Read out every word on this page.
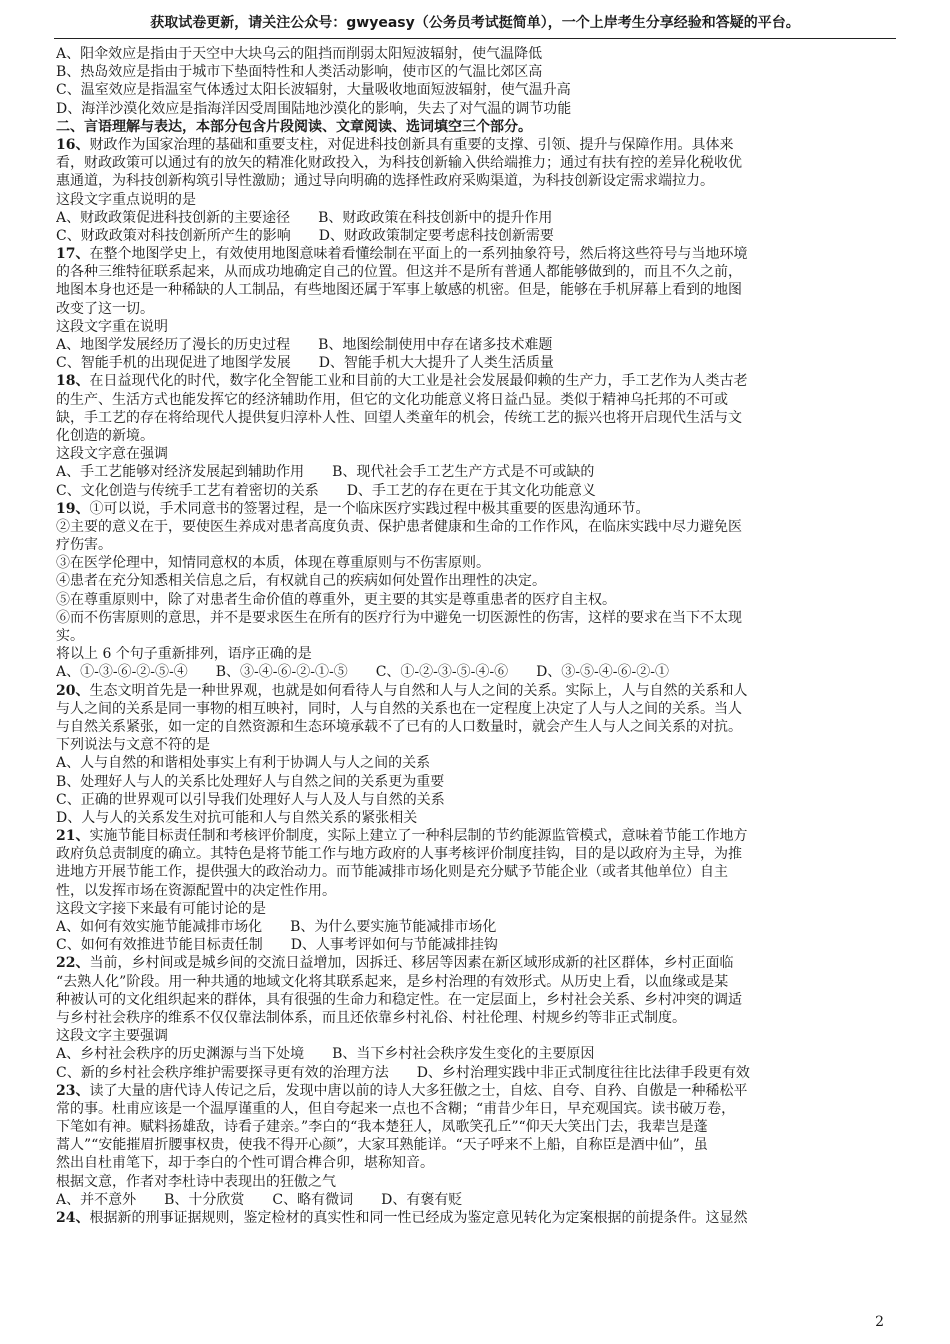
获取试卷更新，请关注公众号：gwyeasy（公务员考试挺简单），一个上岸考生分享经验和答疑的平台。
A、阳伞效应是指由于天空中大块乌云的阻挡而削弱太阳短波辐射，使气温降低
B、热岛效应是指由于城市下垫面特性和人类活动影响，使市区的气温比郊区高
C、温室效应是指温室气体透过太阳长波辐射，大量吸收地面短波辐射，使气温升高
D、海洋沙漠化效应是指海洋因受周围陆地沙漠化的影响，失去了对气温的调节功能
二、言语理解与表达，本部分包含片段阅读、文章阅读、选词填空三个部分。
16、财政作为国家治理的基础和重要支柱，对促进科技创新具有重要的支撑、引领、提升与保障作用。具体来
看，财政政策可以通过有的放矢的精准化财政投入，为科技创新输入供给端推力；通过有扶有控的差异化税收优
惠通道，为科技创新构筑引导性激励；通过导向明确的选择性政府采购渠道，为科技创新设定需求端拉力。
这段文字重点说明的是
A、财政政策促进科技创新的主要途径　　B、财政政策在科技创新中的提升作用
C、财政政策对科技创新所产生的影响　　D、财政政策制定要考虑科技创新需要
17、在整个地图学史上，有效使用地图意味着看懂绘制在平面上的一系列抽象符号，然后将这些符号与当地环境
的各种三维特征联系起来，从而成功地确定自己的位置。但这并不是所有普通人都能够做到的，而且不久之前，
地图本身也还是一种稀缺的人工制品，有些地图还属于军事上敏感的机密。但是，能够在手机屏幕上看到的地图
改变了这一切。
这段文字重在说明
A、地图学发展经历了漫长的历史过程　　B、地图绘制使用中存在诸多技术难题
C、智能手机的出现促进了地图学发展　　D、智能手机大大提升了人类生活质量
18、在日益现代化的时代，数字化全智能工业和目前的大工业是社会发展最仰赖的生产力，手工艺作为人类古老
的生产、生活方式也能发挥它的经济辅助作用，但它的文化功能意义将日益凸显。类似于精神乌托邦的不可或
缺，手工艺的存在将给现代人提供复归淳朴人性、回望人类童年的机会，传统工艺的振兴也将开启现代生活与文
化创造的新境。
这段文字意在强调
A、手工艺能够对经济发展起到辅助作用　　B、现代社会手工艺生产方式是不可或缺的
C、文化创造与传统手工艺有着密切的关系　　D、手工艺的存在更在于其文化功能意义
19、①可以说，手术同意书的签署过程，是一个临床医疗实践过程中极其重要的医患沟通环节。
②主要的意义在于，要使医生养成对患者高度负责、保护患者健康和生命的工作作风，在临床实践中尽力避免医
疗伤害。
③在医学伦理中，知情同意权的本质，体现在尊重原则与不伤害原则。
④患者在充分知悉相关信息之后，有权就自己的疾病如何处置作出理性的决定。
⑤在尊重原则中，除了对患者生命价值的尊重外，更主要的其实是尊重患者的医疗自主权。
⑥而不伤害原则的意思，并不是要求医生在所有的医疗行为中避免一切医源性的伤害，这样的要求在当下不太现
实。
将以上 6 个句子重新排列，语序正确的是
A、①-③-⑥-②-⑤-④　　B、③-④-⑥-②-①-⑤　　C、①-②-③-⑤-④-⑥　　D、③-⑤-④-⑥-②-①
20、生态文明首先是一种世界观，也就是如何看待人与自然和人与人之间的关系。实际上，人与自然的关系和人
与人之间的关系是同一事物的相互映衬，同时，人与自然的关系也在一定程度上决定了人与人之间的关系。当人
与自然关系紧张，如一定的自然资源和生态环境承载不了已有的人口数量时，就会产生人与人之间关系的对抗。
下列说法与文意不符的是
A、人与自然的和谐相处事实上有利于协调人与人之间的关系
B、处理好人与人的关系比处理好人与自然之间的关系更为重要
C、正确的世界观可以引导我们处理好人与人及人与自然的关系
D、人与人的关系发生对抗可能和人与自然关系的紧张相关
21、实施节能目标责任制和考核评价制度，实际上建立了一种科层制的节约能源监管模式，意味着节能工作地方
政府负总责制度的确立。其特色是将节能工作与地方政府的人事考核评价制度挂钩，目的是以政府为主导，为推
进地方开展节能工作，提供强大的政治动力。而节能减排市场化则是充分赋予节能企业（或者其他单位）自主
性，以发挥市场在资源配置中的决定性作用。
这段文字接下来最有可能讨论的是
A、如何有效实施节能减排市场化　　B、为什么要实施节能减排市场化
C、如何有效推进节能目标责任制　　D、人事考评如何与节能减排挂钩
22、当前，乡村间或是城乡间的交流日益增加，因拆迁、移居等因素在新区域形成新的社区群体，乡村正面临
“去熟人化”阶段。用一种共通的地域文化将其联系起来，是乡村治理的有效形式。从历史上看，以血缘或是某
种被认可的文化组织起来的群体，具有很强的生命力和稳定性。在一定层面上，乡村社会关系、乡村冲突的调适
与乡村社会秩序的维系不仅仅靠法制体系，而且还依靠乡村礼俗、村社伦理、村规乡约等非正式制度。
这段文字主要强调
A、乡村社会秩序的历史渊源与当下处境　　B、当下乡村社会秩序发生变化的主要原因
C、新的乡村社会秩序维护需要探寻更有效的治理方法　　D、乡村治理实践中非正式制度往往比法律手段更有效
23、读了大量的唐代诗人传记之后，发现中唐以前的诗人大多狂傲之士，自炫、自夸、自矜、自傲是一种稀松平
常的事。杜甫应该是一个温厚谨重的人，但自夸起来一点也不含糊；“甫昔少年日，早充观国宾。读书破万卷，
下笔如有神。赋料扬雄敌，诗看子建亲。”李白的“我本楚狂人，凤歌笑孔丘”“仰天大笑出门去，我辈岂是蓬
蒿人”“安能摧眉折腰事权贵，使我不得开心颜”，大家耳熟能详。“天子呼来不上船，自称臣是酒中仙”，虽
然出自杜甫笔下，却于李白的个性可谓合榫合卯，堪称知音。
根据文意，作者对李杜诗中表现出的狂傲之气
A、并不意外　　B、十分欣赏　　C、略有微词　　D、有褒有贬
24、根据新的刑事证据规则，鉴定检材的真实性和同一性已经成为鉴定意见转化为定案根据的前提条件。这显然
2
